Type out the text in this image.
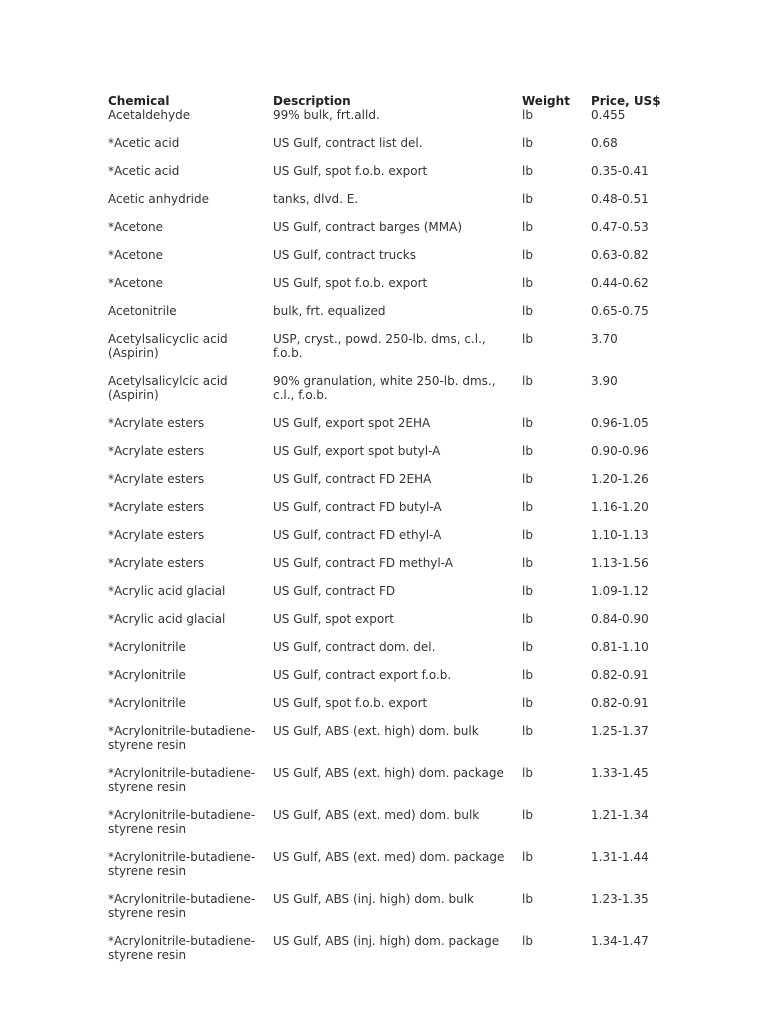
Chemical	Description	Weight	Price, US$
Acetaldehyde	99% bulk, frt.alld.	lb	0.455
*Acetic acid	US Gulf, contract list del.	lb	0.68
*Acetic acid	US Gulf, spot f.o.b. export	lb	0.35-0.41
Acetic anhydride	tanks, dlvd. E.	lb	0.48-0.51
*Acetone	US Gulf, contract barges (MMA)	lb	0.47-0.53
*Acetone	US Gulf, contract trucks	lb	0.63-0.82
*Acetone	US Gulf, spot f.o.b. export	lb	0.44-0.62
Acetonitrile	bulk, frt. equalized	lb	0.65-0.75
Acetylsalicyclic acid (Aspirin)	USP, cryst., powd. 250-lb. dms, c.l., f.o.b.	lb	3.70
Acetylsalicylcic acid (Aspirin)	90% granulation, white 250-lb. dms., c.l., f.o.b.	lb	3.90
*Acrylate esters	US Gulf, export spot 2EHA	lb	0.96-1.05
*Acrylate esters	US Gulf, export spot butyl-A	lb	0.90-0.96
*Acrylate esters	US Gulf, contract FD 2EHA	lb	1.20-1.26
*Acrylate esters	US Gulf, contract FD butyl-A	lb	1.16-1.20
*Acrylate esters	US Gulf, contract FD ethyl-A	lb	1.10-1.13
*Acrylate esters	US Gulf, contract FD methyl-A	lb	1.13-1.56
*Acrylic acid glacial	US Gulf, contract FD	lb	1.09-1.12
*Acrylic acid glacial	US Gulf, spot export	lb	0.84-0.90
*Acrylonitrile	US Gulf, contract dom. del.	lb	0.81-1.10
*Acrylonitrile	US Gulf, contract export f.o.b.	lb	0.82-0.91
*Acrylonitrile	US Gulf, spot f.o.b. export	lb	0.82-0.91
*Acrylonitrile-butadiene-styrene resin	US Gulf, ABS (ext. high) dom. bulk	lb	1.25-1.37
*Acrylonitrile-butadiene-styrene resin	US Gulf, ABS (ext. high) dom. package	lb	1.33-1.45
*Acrylonitrile-butadiene-styrene resin	US Gulf, ABS (ext. med) dom. bulk	lb	1.21-1.34
*Acrylonitrile-butadiene-styrene resin	US Gulf, ABS (ext. med) dom. package	lb	1.31-1.44
*Acrylonitrile-butadiene-styrene resin	US Gulf, ABS (inj. high) dom. bulk	lb	1.23-1.35
*Acrylonitrile-butadiene-styrene resin	US Gulf, ABS (inj. high) dom. package	lb	1.34-1.47
